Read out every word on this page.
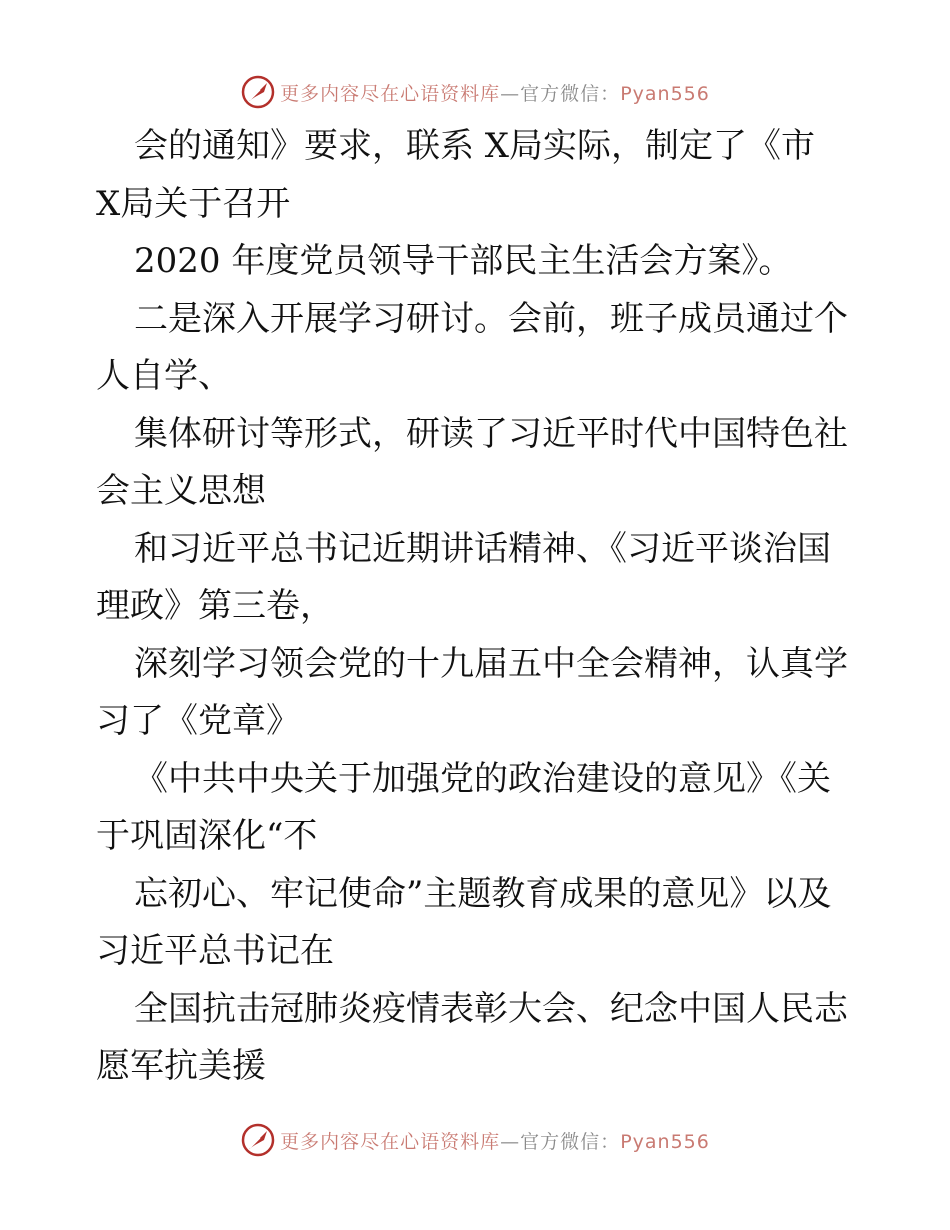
更多内容尽在心语资料库—官方微信：Pyan556
会的通知》要求，联系 X局实际，制定了《市
X局关于召开
2020 年度党员领导干部民主生活会方案》。
二是深入开展学习研讨。会前，班子成员通过个
人自学、
集体研讨等形式，研读了习近平时代中国特色社
会主义思想
和习近平总书记近期讲话精神、《习近平谈治国
理政》第三卷，
深刻学习领会党的十九届五中全会精神，认真学
习了《党章》
《中共中央关于加强党的政治建设的意见》《关
于巩固深化“不
忘初心、牢记使命”主题教育成果的意见》以及
习近平总书记在
全国抗击冠肺炎疫情表彰大会、纪念中国人民志
愿军抗美援
更多内容尽在心语资料库—官方微信：Pyan556
